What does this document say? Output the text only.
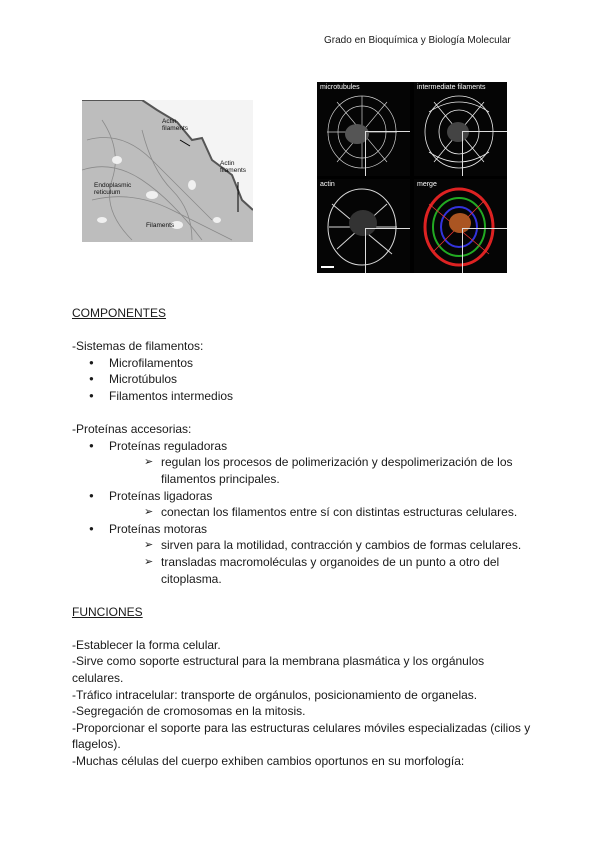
Grado en Bioquímica y Biología Molecular
Actin
filaments
Actin
filaments
Endoplasmic
reticulum
Filaments
microtubules	intermediate filaments
actin	merge

COMPONENTES

-Sistemas de filamentos:

● Microfilamentos
● Microtúbulos
● Filamentos intermedios

-Proteínas accesorias:

● Proteínas reguladoras
➢ regulan los procesos de polimerización y despolimerización de los filamentos principales.
● Proteínas ligadoras
➢ conectan los filamentos entre sí con distintas estructuras celulares.
● Proteínas motoras
➢ sirven para la motilidad, contracción y cambios de formas celulares.
➢ transladas macromoléculas y organoides de un punto a otro del citoplasma.

FUNCIONES

-Establecer la forma celular.

-Sirve como soporte estructural para la membrana plasmática y los orgánulos celulares.

-Tráfico intracelular: transporte de orgánulos, posicionamiento de organelas.

-Segregación de cromosomas en la mitosis.

-Proporcionar el soporte para las estructuras celulares móviles especializadas (cilios y flagelos).

-Muchas células del cuerpo exhiben cambios oportunos en su morfología:
